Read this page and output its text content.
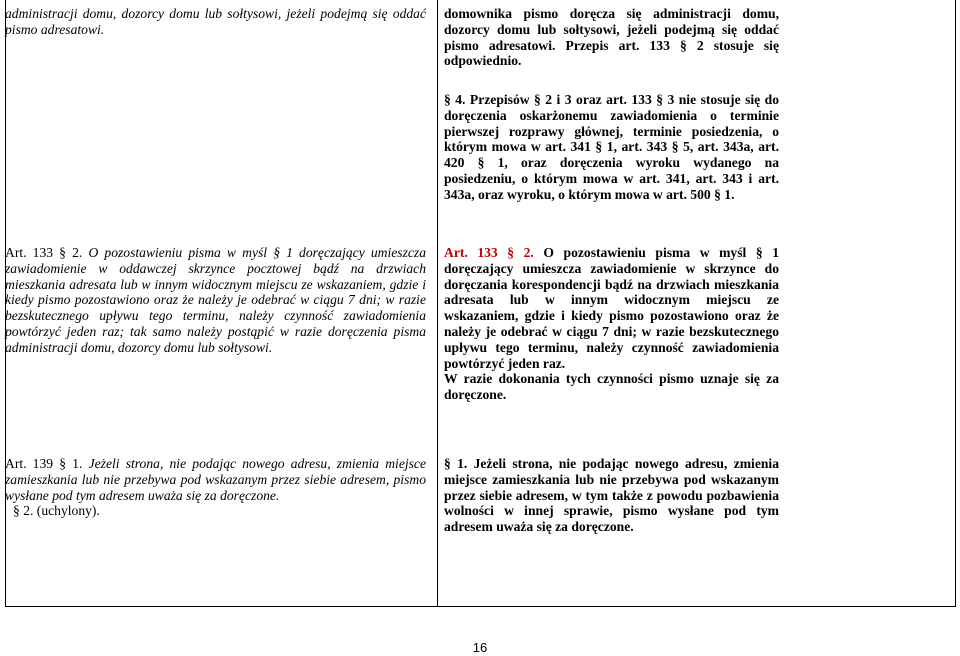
administracji domu, dozorcy domu lub sołtysowi, jeżeli podejmą się oddać pismo adresatowi.
Art. 133 § 2. O pozostawieniu pisma w myśl § 1 doręczający umieszcza zawiadomienie w oddawczej skrzynce pocztowej bądź na drzwiach mieszkania adresata lub w innym widocznym miejscu ze wskazaniem, gdzie i kiedy pismo pozostawiono oraz że należy je odebrać w ciągu 7 dni; w razie bezskutecznego upływu tego terminu, należy czynność zawiadomienia powtórzyć jeden raz; tak samo należy postąpić w razie doręczenia pisma administracji domu, dozorcy domu lub sołtysowi.
Art. 139 § 1. Jeżeli strona, nie podając nowego adresu, zmienia miejsce zamieszkania lub nie przebywa pod wskazanym przez siebie adresem, pismo wysłane pod tym adresem uważa się za doręczone.
§ 2. (uchylony).
domownika pismo doręcza się administracji domu, dozorcy domu lub sołtysowi, jeżeli podejmą się oddać pismo adresatowi. Przepis art. 133 § 2 stosuje się odpowiednio.
§ 4. Przepisów § 2 i 3 oraz art. 133 § 3 nie stosuje się do doręczenia oskarżonemu zawiadomienia o terminie pierwszej rozprawy głównej, terminie posiedzenia, o którym mowa w art. 341 § 1, art. 343 § 5, art. 343a, art. 420 § 1, oraz doręczenia wyroku wydanego na posiedzeniu, o którym mowa w art. 341, art. 343 i art. 343a, oraz wyroku, o którym mowa w art. 500 § 1.
Art. 133 § 2. O pozostawieniu pisma w myśl § 1 doręczający umieszcza zawiadomienie w skrzynce do doręczania korespondencji bądź na drzwiach mieszkania adresata lub w innym widocznym miejscu ze wskazaniem, gdzie i kiedy pismo pozostawiono oraz że należy je odebrać w ciągu 7 dni; w razie bezskutecznego upływu tego terminu, należy czynność zawiadomienia powtórzyć jeden raz.
W razie dokonania tych czynności pismo uznaje się za doręczone.
§ 1. Jeżeli strona, nie podając nowego adresu, zmienia miejsce zamieszkania lub nie przebywa pod wskazanym przez siebie adresem, w tym także z powodu pozbawienia wolności w innej sprawie, pismo wysłane pod tym adresem uważa się za doręczone.
16
